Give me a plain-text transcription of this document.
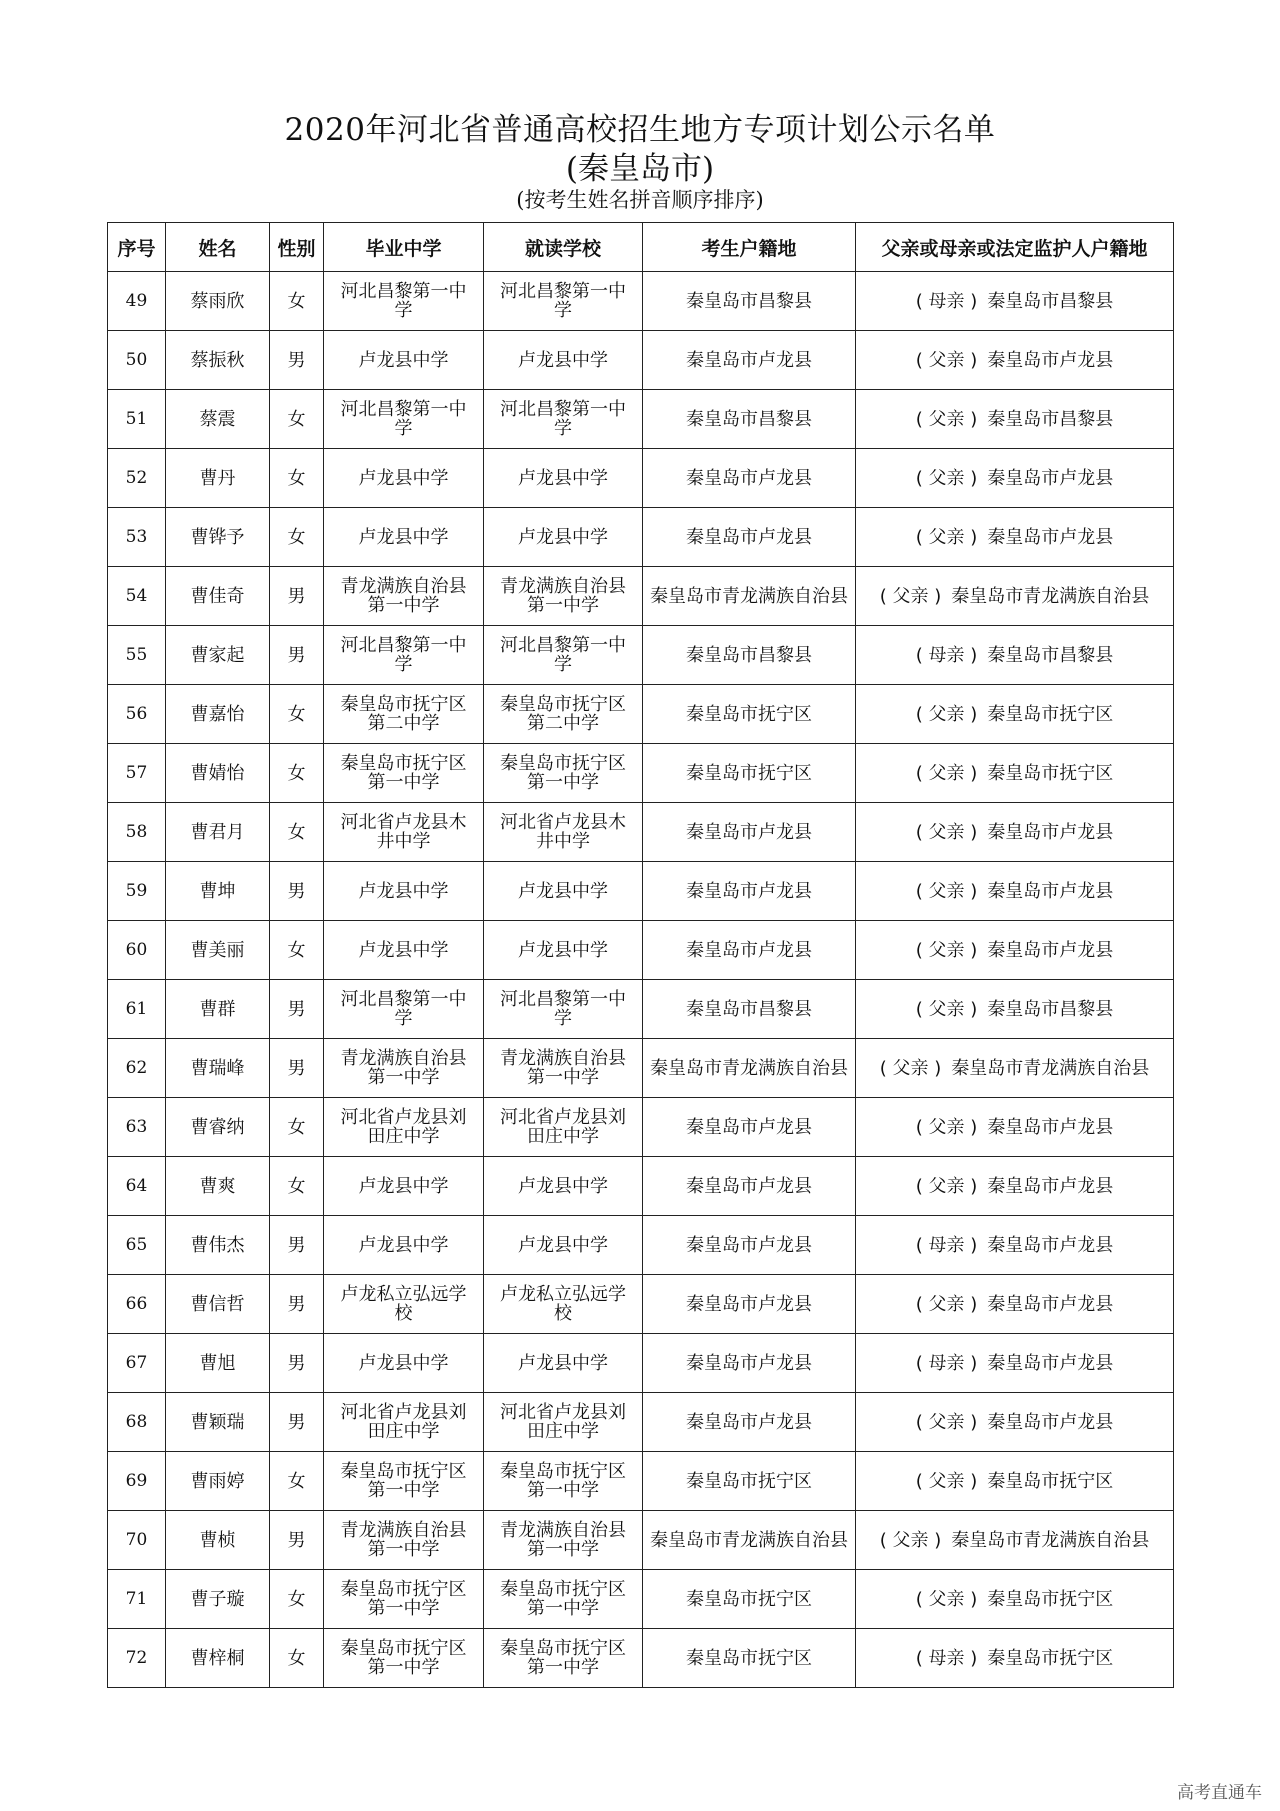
2020年河北省普通高校招生地方专项计划公示名单
(秦皇岛市)
(按考生姓名拼音顺序排序)
序号	姓名	性别	毕业中学	就读学校	考生户籍地	父亲或母亲或法定监护人户籍地
49	蔡雨欣	女	河北昌黎第一中学	河北昌黎第一中学	秦皇岛市昌黎县	( 母亲 ) 秦皇岛市昌黎县
50	蔡振秋	男	卢龙县中学	卢龙县中学	秦皇岛市卢龙县	( 父亲 ) 秦皇岛市卢龙县
51	蔡震	女	河北昌黎第一中学	河北昌黎第一中学	秦皇岛市昌黎县	( 父亲 ) 秦皇岛市昌黎县
52	曹丹	女	卢龙县中学	卢龙县中学	秦皇岛市卢龙县	( 父亲 ) 秦皇岛市卢龙县
53	曹铧予	女	卢龙县中学	卢龙县中学	秦皇岛市卢龙县	( 父亲 ) 秦皇岛市卢龙县
54	曹佳奇	男	青龙满族自治县第一中学	青龙满族自治县第一中学	秦皇岛市青龙满族自治县	( 父亲 ) 秦皇岛市青龙满族自治县
55	曹家起	男	河北昌黎第一中学	河北昌黎第一中学	秦皇岛市昌黎县	( 母亲 ) 秦皇岛市昌黎县
56	曹嘉怡	女	秦皇岛市抚宁区第二中学	秦皇岛市抚宁区第二中学	秦皇岛市抚宁区	( 父亲 ) 秦皇岛市抚宁区
57	曹婧怡	女	秦皇岛市抚宁区第一中学	秦皇岛市抚宁区第一中学	秦皇岛市抚宁区	( 父亲 ) 秦皇岛市抚宁区
58	曹君月	女	河北省卢龙县木井中学	河北省卢龙县木井中学	秦皇岛市卢龙县	( 父亲 ) 秦皇岛市卢龙县
59	曹坤	男	卢龙县中学	卢龙县中学	秦皇岛市卢龙县	( 父亲 ) 秦皇岛市卢龙县
60	曹美丽	女	卢龙县中学	卢龙县中学	秦皇岛市卢龙县	( 父亲 ) 秦皇岛市卢龙县
61	曹群	男	河北昌黎第一中学	河北昌黎第一中学	秦皇岛市昌黎县	( 父亲 ) 秦皇岛市昌黎县
62	曹瑞峰	男	青龙满族自治县第一中学	青龙满族自治县第一中学	秦皇岛市青龙满族自治县	( 父亲 ) 秦皇岛市青龙满族自治县
63	曹睿纳	女	河北省卢龙县刘田庄中学	河北省卢龙县刘田庄中学	秦皇岛市卢龙县	( 父亲 ) 秦皇岛市卢龙县
64	曹爽	女	卢龙县中学	卢龙县中学	秦皇岛市卢龙县	( 父亲 ) 秦皇岛市卢龙县
65	曹伟杰	男	卢龙县中学	卢龙县中学	秦皇岛市卢龙县	( 母亲 ) 秦皇岛市卢龙县
66	曹信哲	男	卢龙私立弘远学校	卢龙私立弘远学校	秦皇岛市卢龙县	( 父亲 ) 秦皇岛市卢龙县
67	曹旭	男	卢龙县中学	卢龙县中学	秦皇岛市卢龙县	( 母亲 ) 秦皇岛市卢龙县
68	曹颖瑞	男	河北省卢龙县刘田庄中学	河北省卢龙县刘田庄中学	秦皇岛市卢龙县	( 父亲 ) 秦皇岛市卢龙县
69	曹雨婷	女	秦皇岛市抚宁区第一中学	秦皇岛市抚宁区第一中学	秦皇岛市抚宁区	( 父亲 ) 秦皇岛市抚宁区
70	曹桢	男	青龙满族自治县第一中学	青龙满族自治县第一中学	秦皇岛市青龙满族自治县	( 父亲 ) 秦皇岛市青龙满族自治县
71	曹子璇	女	秦皇岛市抚宁区第一中学	秦皇岛市抚宁区第一中学	秦皇岛市抚宁区	( 父亲 ) 秦皇岛市抚宁区
72	曹梓桐	女	秦皇岛市抚宁区第一中学	秦皇岛市抚宁区第一中学	秦皇岛市抚宁区	( 母亲 ) 秦皇岛市抚宁区
高考直通车
